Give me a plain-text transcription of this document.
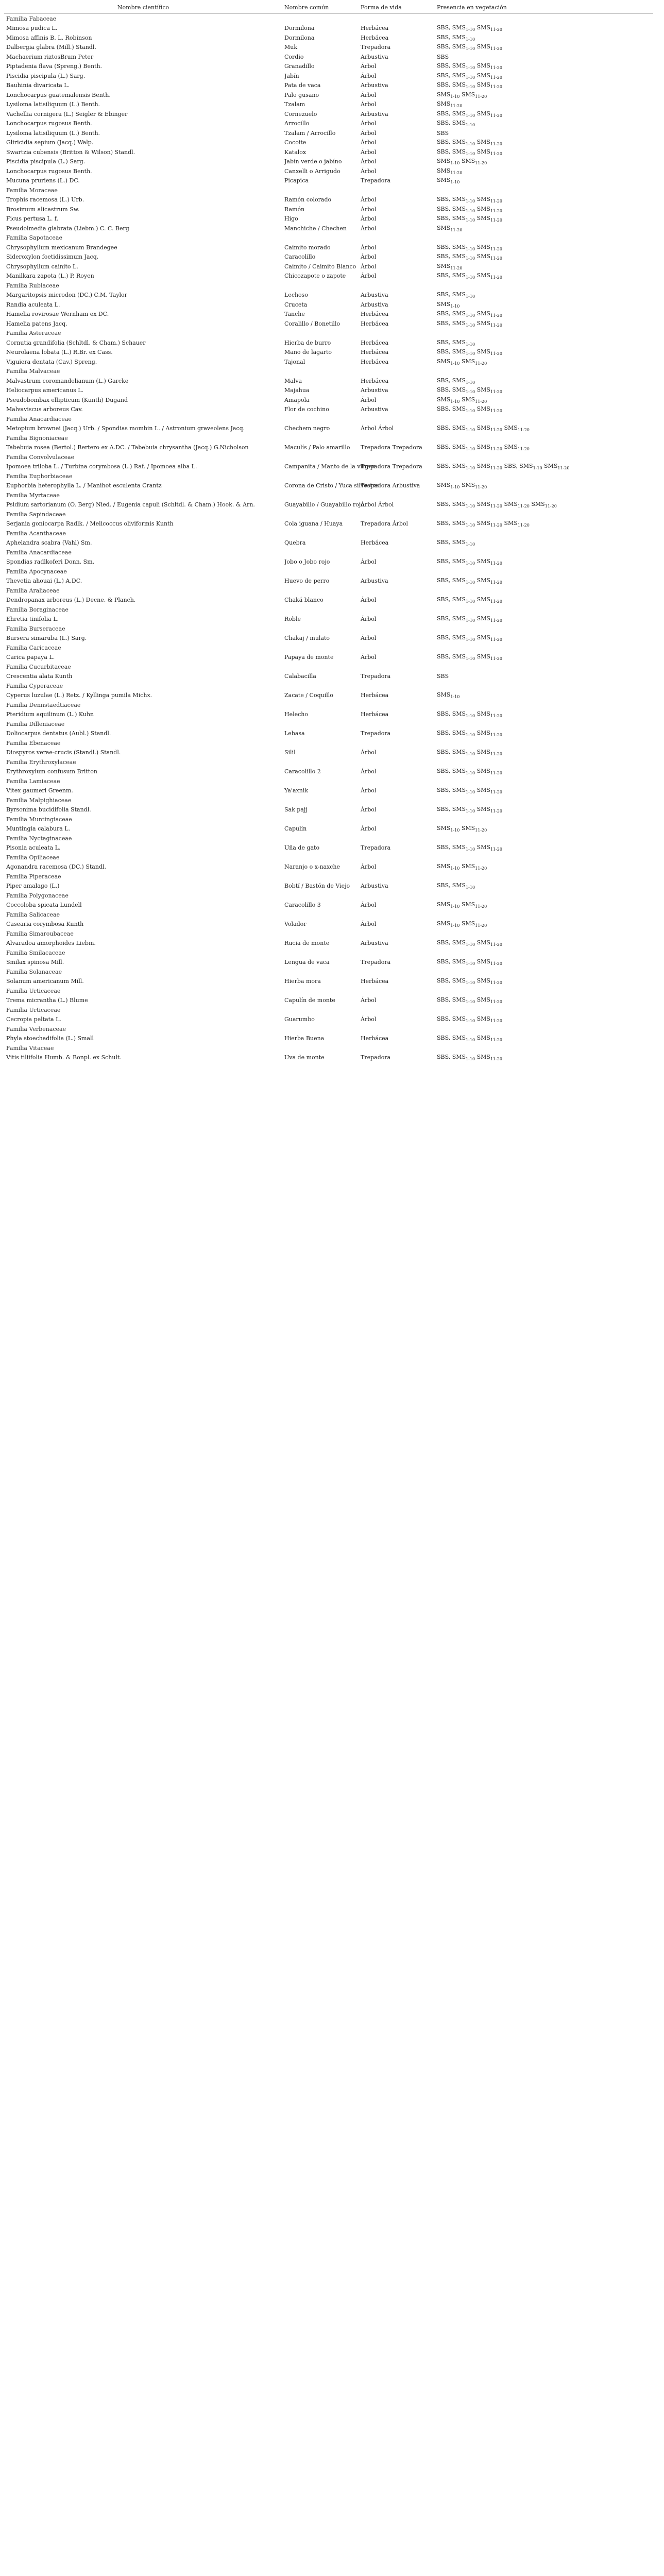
Nombre científico	Nombre común	Forma de vida	Presencia en vegetación
Familia Fabaceae			
Mimosa pudica L.	Dormilona	Herbácea	SBS, $SMS_{1-10}$ $SMS_{11-20}$
Mimosa affinis B. L. Robinson	Dormilona	Herbácea	SBS, $SMS_{1-10}$
Dalbergia glabra (Mill.) Standl.	Muk	Trepadora	SBS, $SMS_{1-10}$ $SMS_{11-20}$
Machaerium riztosBrum Peter	Cordio	Arbustiva	SBS
Piptadenia flava (Spreng.) Benth.	Granadillo	Árbol	SBS, $SMS_{1-10}$ $SMS_{11-20}$
Piscidia piscipula (L.) Sarg.	Jabín	Árbol	SBS, $SMS_{1-10}$ $SMS_{11-20}$
Bauhinia divaricata L.	Pata de vaca	Arbustiva	SBS, $SMS_{1-10}$ $SMS_{11-20}$
Lonchocarpus guatemalensis Benth.	Palo gusano	Árbol	$SMS_{1-10}$ $SMS_{11-20}$
Lysiloma latisiliquum (L.) Benth.	Tzalam	Árbol	$SMS_{11-20}$
Vachellia cornigera (L.) Seigler & Ebinger	Cornezuelo	Arbustiva	SBS, $SMS_{1-10}$ $SMS_{11-20}$
Lonchocarpus rugosus Benth.	Arrocillo	Árbol	SBS, $SMS_{1-10}$
Lysiloma latisiliquum (L.) Benth.	Tzalam / Arrocillo	Árbol	SBS
Gliricidia sepium (Jacq.) Walp.	Cocoite	Árbol	SBS, $SMS_{1-10}$ $SMS_{11-20}$
Swartzia cubensis (Britton & Wilson) Standl.	Katalox	Árbol	SBS, $SMS_{1-10}$ $SMS_{11-20}$
Piscidia piscipula (L.) Sarg.	Jabín verde o jabíno	Árbol	$SMS_{1-10}$ $SMS_{11-20}$
Lonchocarpus rugosus Benth.	Canxelli o Arrigudo	Árbol	$SMS_{11-20}$
Mucuna pruriens (L.) DC.	Picapica	Trepadora	$SMS_{1-10}$
Familia Moraceae			
Trophis racemosa (L.) Urb.	Ramón colorado	Árbol	SBS, $SMS_{1-10}$ $SMS_{11-20}$
Brosimum alicastrum Sw.	Ramón	Árbol	SBS, $SMS_{1-10}$ $SMS_{11-20}$
Ficus pertusa L. f.	Higo	Árbol	SBS, $SMS_{1-10}$ $SMS_{11-20}$
Pseudolmedia glabrata (Liebm.) C. C. Berg	Manchiche / Chechen	Árbol	$SMS_{11-20}$
Familia Sapotaceae			
Chrysophyllum mexicanum Brandegee	Caimito morado	Árbol	SBS, $SMS_{1-10}$ $SMS_{11-20}$
Sideroxylon foetidissimum Jacq.	Caracolillo	Árbol	SBS, $SMS_{1-10}$ $SMS_{11-20}$
Chrysophyllum cainito L.	Caimito / Caimito Blanco	Árbol	$SMS_{11-20}$
Manilkara zapota (L.) P. Royen	Chicozapote o zapote	Árbol	SBS, $SMS_{1-10}$ $SMS_{11-20}$
Familia Rubiaceae			
Margaritopsis microdon (DC.) C.M. Taylor	Lechoso	Arbustiva	SBS, $SMS_{1-10}$
Randia aculeata L.	Cruceta	Arbustiva	$SMS_{1-10}$
Hamelia rovirosae Wernham ex DC.	Tanche	Herbácea	SBS, $SMS_{1-10}$ $SMS_{11-20}$
Hamelia patens Jacq.	Coralillo / Bonetillo	Herbácea	SBS, $SMS_{1-10}$ $SMS_{11-20}$
Familia Asteraceae			
Cornutia grandifolia (Schltdl. & Cham.) Schauer	Hierba de burro	Herbácea	SBS, $SMS_{1-10}$
Neurolaena lobata (L.) R.Br. ex Cass.	Mano de lagarto	Herbácea	SBS, $SMS_{1-10}$ $SMS_{11-20}$
Viguiera dentata (Cav.) Spreng.	Tajonal	Herbácea	$SMS_{1-10}$ $SMS_{11-20}$
Familia Malvaceae			
Malvastrum coromandelianum (L.) Garcke	Malva	Herbácea	SBS, $SMS_{1-10}$
Heliocarpus americanus L.	Majahua	Arbustiva	SBS, $SMS_{1-10}$ $SMS_{11-20}$
Pseudobombax ellipticum (Kunth) Dugand	Amapola	Árbol	$SMS_{1-10}$ $SMS_{11-20}$
Malvaviscus arboreus Cav.	Flor de cochino	Arbustiva	SBS, $SMS_{1-10}$ $SMS_{11-20}$
Familia Anacardiaceae			
Metopium brownei (Jacq.) Urb. / Spondias mombin L. / Astronium graveolens Jacq.	Chechem negro	Árbol Árbol	SBS, $SMS_{1-10}$ $SMS_{11-20}$ $SMS_{11-20}$
Familia Bignoniaceae			
Tabebuia rosea (Bertol.) Bertero ex A.DC. / Tabebuia chrysantha (Jacq.) G.Nicholson	Maculís / Palo amarillo	Trepadora Trepadora	SBS, $SMS_{1-10}$ $SMS_{11-20}$ $SMS_{11-20}$
Familia Convolvulaceae			
Ipomoea triloba L. / Turbina corymbosa (L.) Raf. / Ipomoea alba L.	Campanita / Manto de la virgen	Trepadora Trepadora	SBS, $SMS_{1-10}$ $SMS_{11-20}$ SBS, $SMS_{1-10}$ $SMS_{11-20}$
Familia Euphorbiaceae			
Euphorbia heterophylla L. / Manihot esculenta Crantz	Corona de Cristo / Yuca silvestre	Trepadora Arbustiva	$SMS_{1-10}$ $SMS_{11-20}$
Familia Myrtaceae			
Psidium sartorianum (O. Berg) Nied. / Eugenia capuli (Schltdl. & Cham.) Hook. & Arn.	Guayabillo / Guayabillo rojo	Árbol Árbol	SBS, $SMS_{1-10}$ $SMS_{11-20}$ $SMS_{11-20}$ $SMS_{11-20}$
Familia Sapindaceae			
Serjania goniocarpa Radlk. / Melicoccus oliviformis Kunth	Cola iguana / Huaya	Trepadora Árbol	SBS, $SMS_{1-10}$ $SMS_{11-20}$ $SMS_{11-20}$
Familia Acanthaceae			
Aphelandra scabra (Vahl) Sm.	Quebra	Herbácea	SBS, $SMS_{1-10}$
Familia Anacardiaceae			
Spondias radlkoferi Donn. Sm.	Jobo o Jobo rojo	Árbol	SBS, $SMS_{1-10}$ $SMS_{11-20}$
Familia Apocynaceae			
Thevetia ahouai (L.) A.DC.	Huevo de perro	Arbustiva	SBS, $SMS_{1-10}$ $SMS_{11-20}$
Familia Araliaceae			
Dendropanax arboreus (L.) Decne. & Planch.	Chaká blanco	Árbol	SBS, $SMS_{1-10}$ $SMS_{11-20}$
Familia Boraginaceae			
Ehretia tinifolia L.	Roble	Árbol	SBS, $SMS_{1-10}$ $SMS_{11-20}$
Familia Burseraceae			
Bursera simaruba (L.) Sarg.	Chakaj / mulato	Árbol	SBS, $SMS_{1-10}$ $SMS_{11-20}$
Familia Caricaceae			
Carica papaya L.	Papaya de monte	Árbol	SBS, $SMS_{1-10}$ $SMS_{11-20}$
Familia Cucurbitaceae			
Crescentia alata Kunth	Calabacilla	Trepadora	SBS
Familia Cyperaceae			
Cyperus luzulae (L.) Retz. / Kyllinga pumila Michx.	Zacate / Coquillo	Herbácea	$SMS_{1-10}$
Familia Dennstaedtiaceae			
Pteridium aquilinum (L.) Kuhn	Helecho	Herbácea	SBS, $SMS_{1-10}$ $SMS_{11-20}$
Familia Dilleniaceae			
Doliocarpus dentatus (Aubl.) Standl.	Lebasa	Trepadora	SBS, $SMS_{1-10}$ $SMS_{11-20}$
Familia Ebenaceae			
Diospyros verae-crucis (Standl.) Standl.	Silil	Árbol	SBS, $SMS_{1-10}$ $SMS_{11-20}$
Familia Erythroxylaceae			
Erythroxylum confusum Britton	Caracolillo 2	Árbol	SBS, $SMS_{1-10}$ $SMS_{11-20}$
Familia Lamiaceae			
Vitex gaumeri Greenm.	Ya'axnik	Árbol	SBS, $SMS_{1-10}$ $SMS_{11-20}$
Familia Malpighiaceae			
Byrsonima bucidifolia Standl.	Sak pajj	Árbol	SBS, $SMS_{1-10}$ $SMS_{11-20}$
Familia Muntingiaceae			
Muntingia calabura L.	Capulín	Árbol	$SMS_{1-10}$ $SMS_{11-20}$
Familia Nyctaginaceae			
Pisonia aculeata L.	Uña de gato	Trepadora	SBS, $SMS_{1-10}$ $SMS_{11-20}$
Familia Opiliaceae			
Agonandra racemosa (DC.) Standl.	Naranjo o x-naxche	Árbol	$SMS_{1-10}$ $SMS_{11-20}$
Familia Piperaceae			
Piper amalago (L.)	Bobtí / Bastón de Viejo	Arbustiva	SBS, $SMS_{1-10}$
Familia Polygonaceae			
Coccoloba spicata Lundell	Caracolillo 3	Árbol	$SMS_{1-10}$ $SMS_{11-20}$
Familia Salicaceae			
Casearia corymbosa Kunth	Volador	Árbol	$SMS_{1-10}$ $SMS_{11-20}$
Familia Simaroubaceae			
Alvaradoa amorphoides Liebm.	Rucia de monte	Arbustiva	SBS, $SMS_{1-10}$ $SMS_{11-20}$
Familia Smilacaceae			
Smilax spinosa Mill.	Lengua de vaca	Trepadora	SBS, $SMS_{1-10}$ $SMS_{11-20}$
Familia Solanaceae			
Solanum americanum Mill.	Hierba mora	Herbácea	SBS, $SMS_{1-10}$ $SMS_{11-20}$
Familia Urticaceae			
Trema micrantha (L.) Blume	Capulín de monte	Árbol	SBS, $SMS_{1-10}$ $SMS_{11-20}$
Familia Urticaceae			
Cecropia peltata L.	Guarumbo	Árbol	SBS, $SMS_{1-10}$ $SMS_{11-20}$
Familia Verbenaceae			
Phyla stoechadifolia (L.) Small	Hierba Buena	Herbácea	SBS, $SMS_{1-10}$ $SMS_{11-20}$
Familia Vitaceae			
Vitis tiliifolia Humb. & Bonpl. ex Schult.	Uva de monte	Trepadora	SBS, $SMS_{1-10}$ $SMS_{11-20}$
